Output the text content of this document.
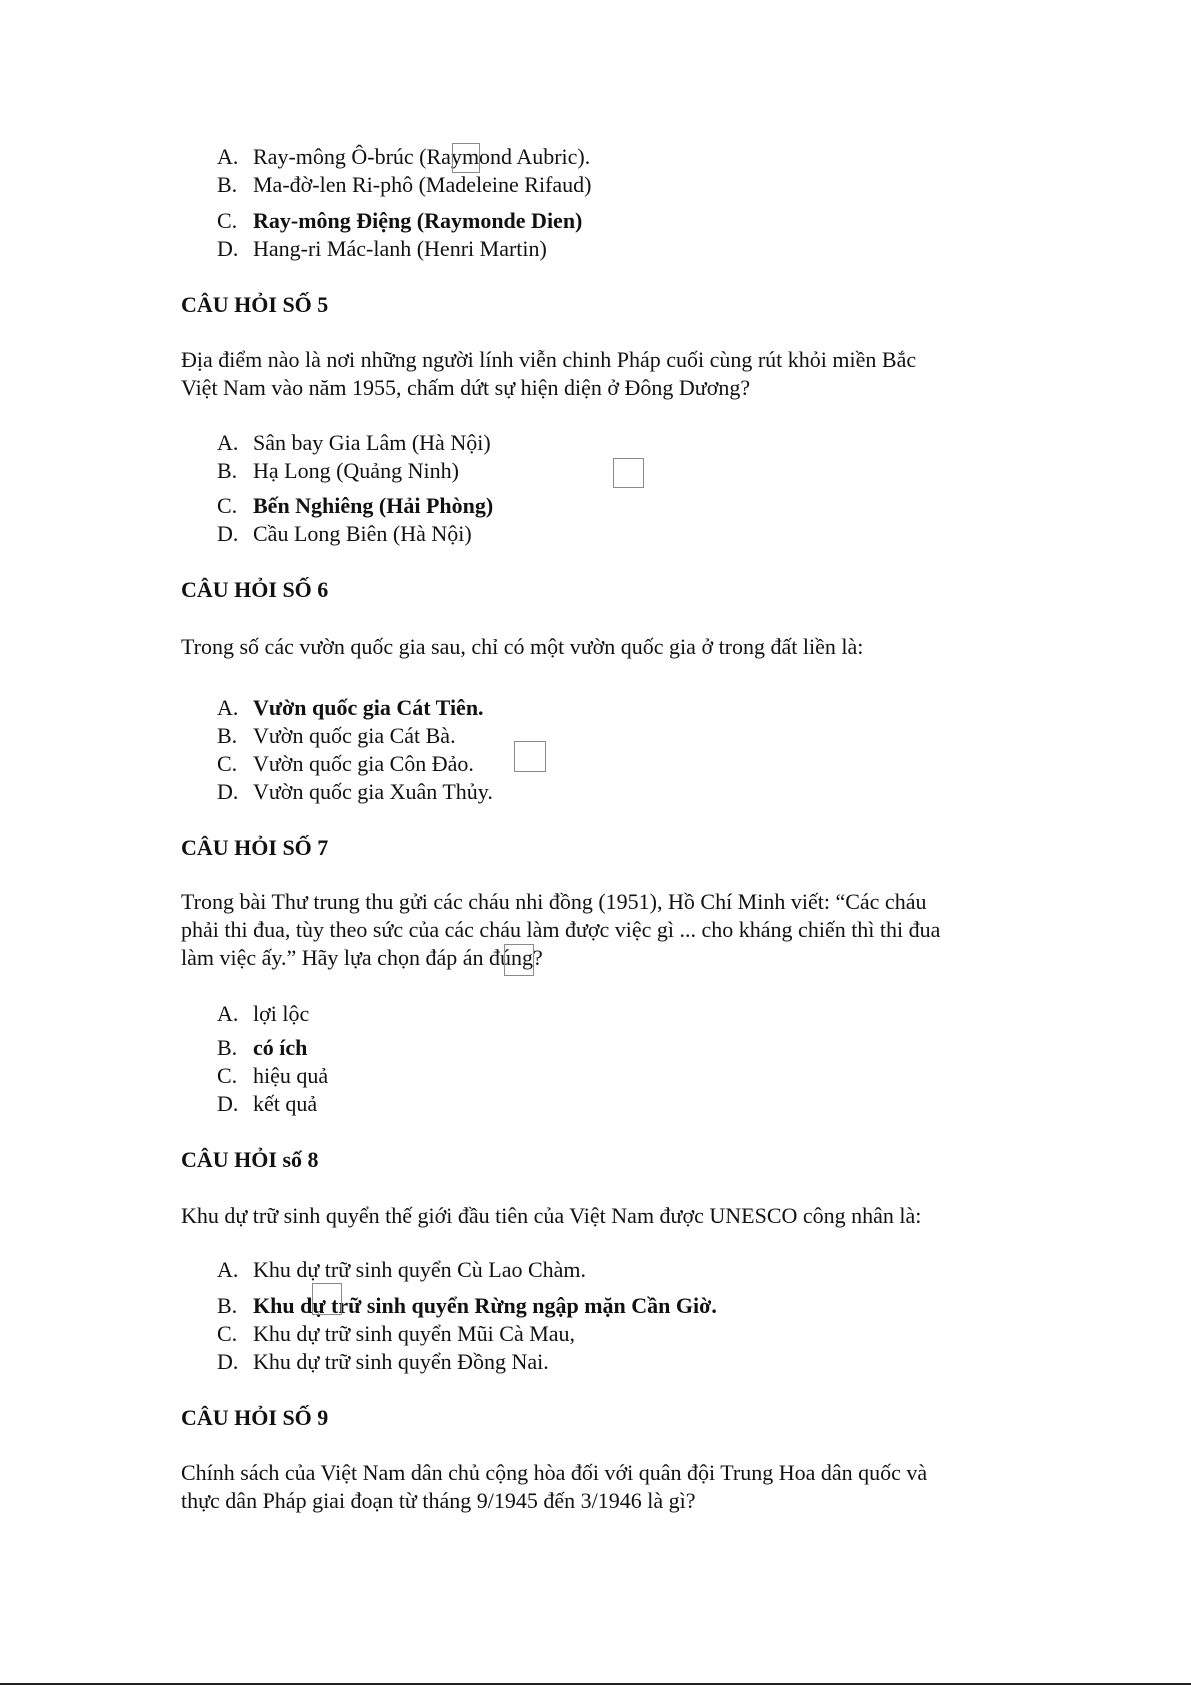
A. Ray-mông Ô-brúc (Raymond Aubric).

B. Ma-đờ-len Ri-phô (Madeleine Rifaud)

C. Ray-mông Điệng (Raymonde Dien)

D. Hang-ri Mác-lanh (Henri Martin)

CÂU HỎI SỐ 5

Địa điểm nào là nơi những người lính viễn chinh Pháp cuối cùng rút khỏi miền Bắc

Việt Nam vào năm 1955, chấm dứt sự hiện diện ở Đông Dương?

A. Sân bay Gia Lâm (Hà Nội)

B. Hạ Long (Quảng Ninh)

C. Bến Nghiêng (Hải Phòng)

D. Cầu Long Biên (Hà Nội)

CÂU HỎI SỐ 6

Trong số các vườn quốc gia sau, chỉ có một vườn quốc gia ở trong đất liền là:

A. Vườn quốc gia Cát Tiên.

B. Vườn quốc gia Cát Bà.

C. Vườn quốc gia Côn Đảo.

D. Vườn quốc gia Xuân Thủy.

CÂU HỎI SỐ 7

Trong bài Thư trung thu gửi các cháu nhi đồng (1951), Hồ Chí Minh viết: “Các cháu

phải thi đua, tùy theo sức của các cháu làm được việc gì ... cho kháng chiến thì thi đua

làm việc ấy.” Hãy lựa chọn đáp án đúng?

A. lợi lộc

B. có ích

C. hiệu quả

D. kết quả

CÂU HỎI số 8

Khu dự trữ sinh quyển thế giới đầu tiên của Việt Nam được UNESCO công nhân là:

A. Khu dự trữ sinh quyển Cù Lao Chàm.

B. Khu dự trữ sinh quyển Rừng ngập mặn Cần Giờ.

C. Khu dự trữ sinh quyển Mũi Cà Mau,

D. Khu dự trữ sinh quyển Đồng Nai.

CÂU HỎI SỐ 9

Chính sách của Việt Nam dân chủ cộng hòa đối với quân đội Trung Hoa dân quốc và

thực dân Pháp giai đoạn từ tháng 9/1945 đến 3/1946 là gì?
